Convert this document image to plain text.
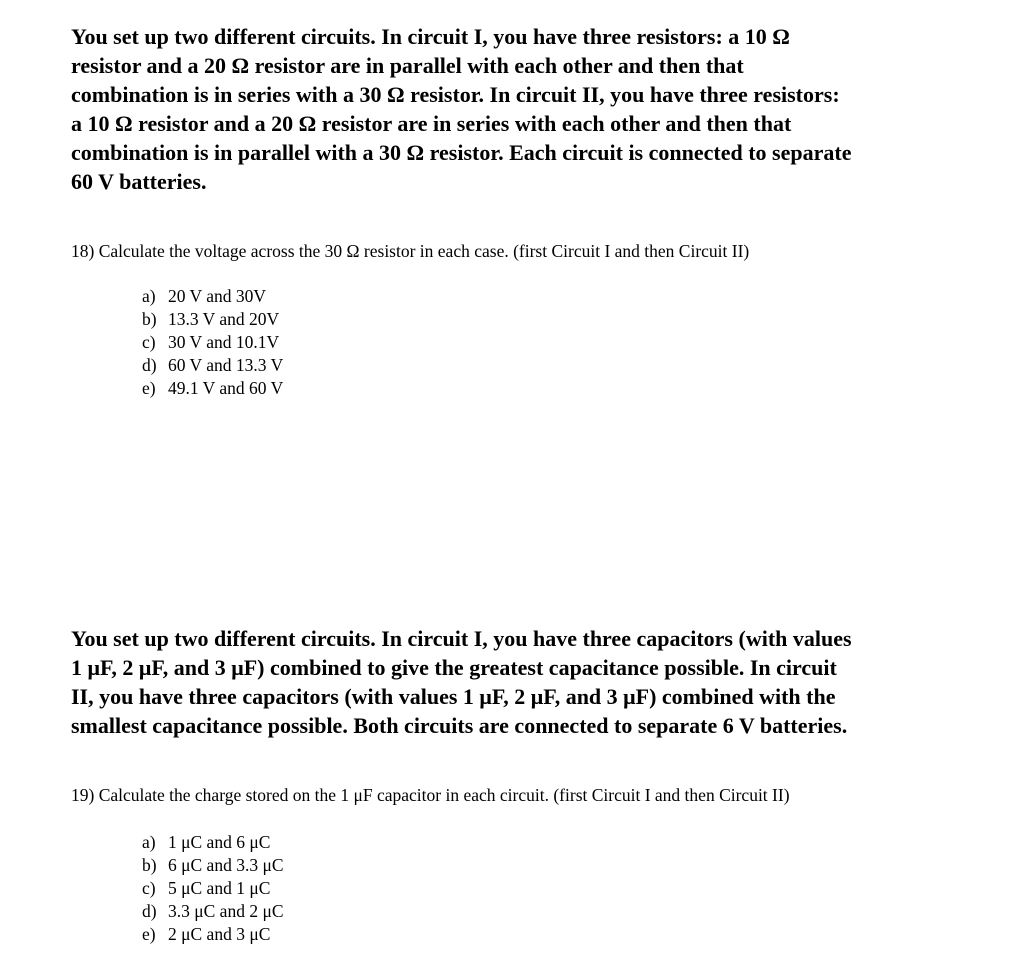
You set up two different circuits. In circuit I, you have three resistors: a 10 Ω
resistor and a 20 Ω resistor are in parallel with each other and then that
combination is in series with a 30 Ω resistor. In circuit II, you have three resistors:
a 10 Ω resistor and a 20 Ω resistor are in series with each other and then that
combination is in parallel with a 30 Ω resistor. Each circuit is connected to separate
60 V batteries.

18) Calculate the voltage across the 30 Ω resistor in each case. (first Circuit I and then Circuit II)

a) 20 V and 30V
b) 13.3 V and 20V
c) 30 V and 10.1V
d) 60 V and 13.3 V
e) 49.1 V and 60 V

You set up two different circuits. In circuit I, you have three capacitors (with values
1 μF, 2 μF, and 3 μF) combined to give the greatest capacitance possible. In circuit
II, you have three capacitors (with values 1 μF, 2 μF, and 3 μF) combined with the
smallest capacitance possible. Both circuits are connected to separate 6 V batteries.

19) Calculate the charge stored on the 1 μF capacitor in each circuit. (first Circuit I and then Circuit II)

a) 1 μC and 6 μC
b) 6 μC and 3.3 μC
c) 5 μC and 1 μC
d) 3.3 μC and 2 μC
e) 2 μC and 3 μC
